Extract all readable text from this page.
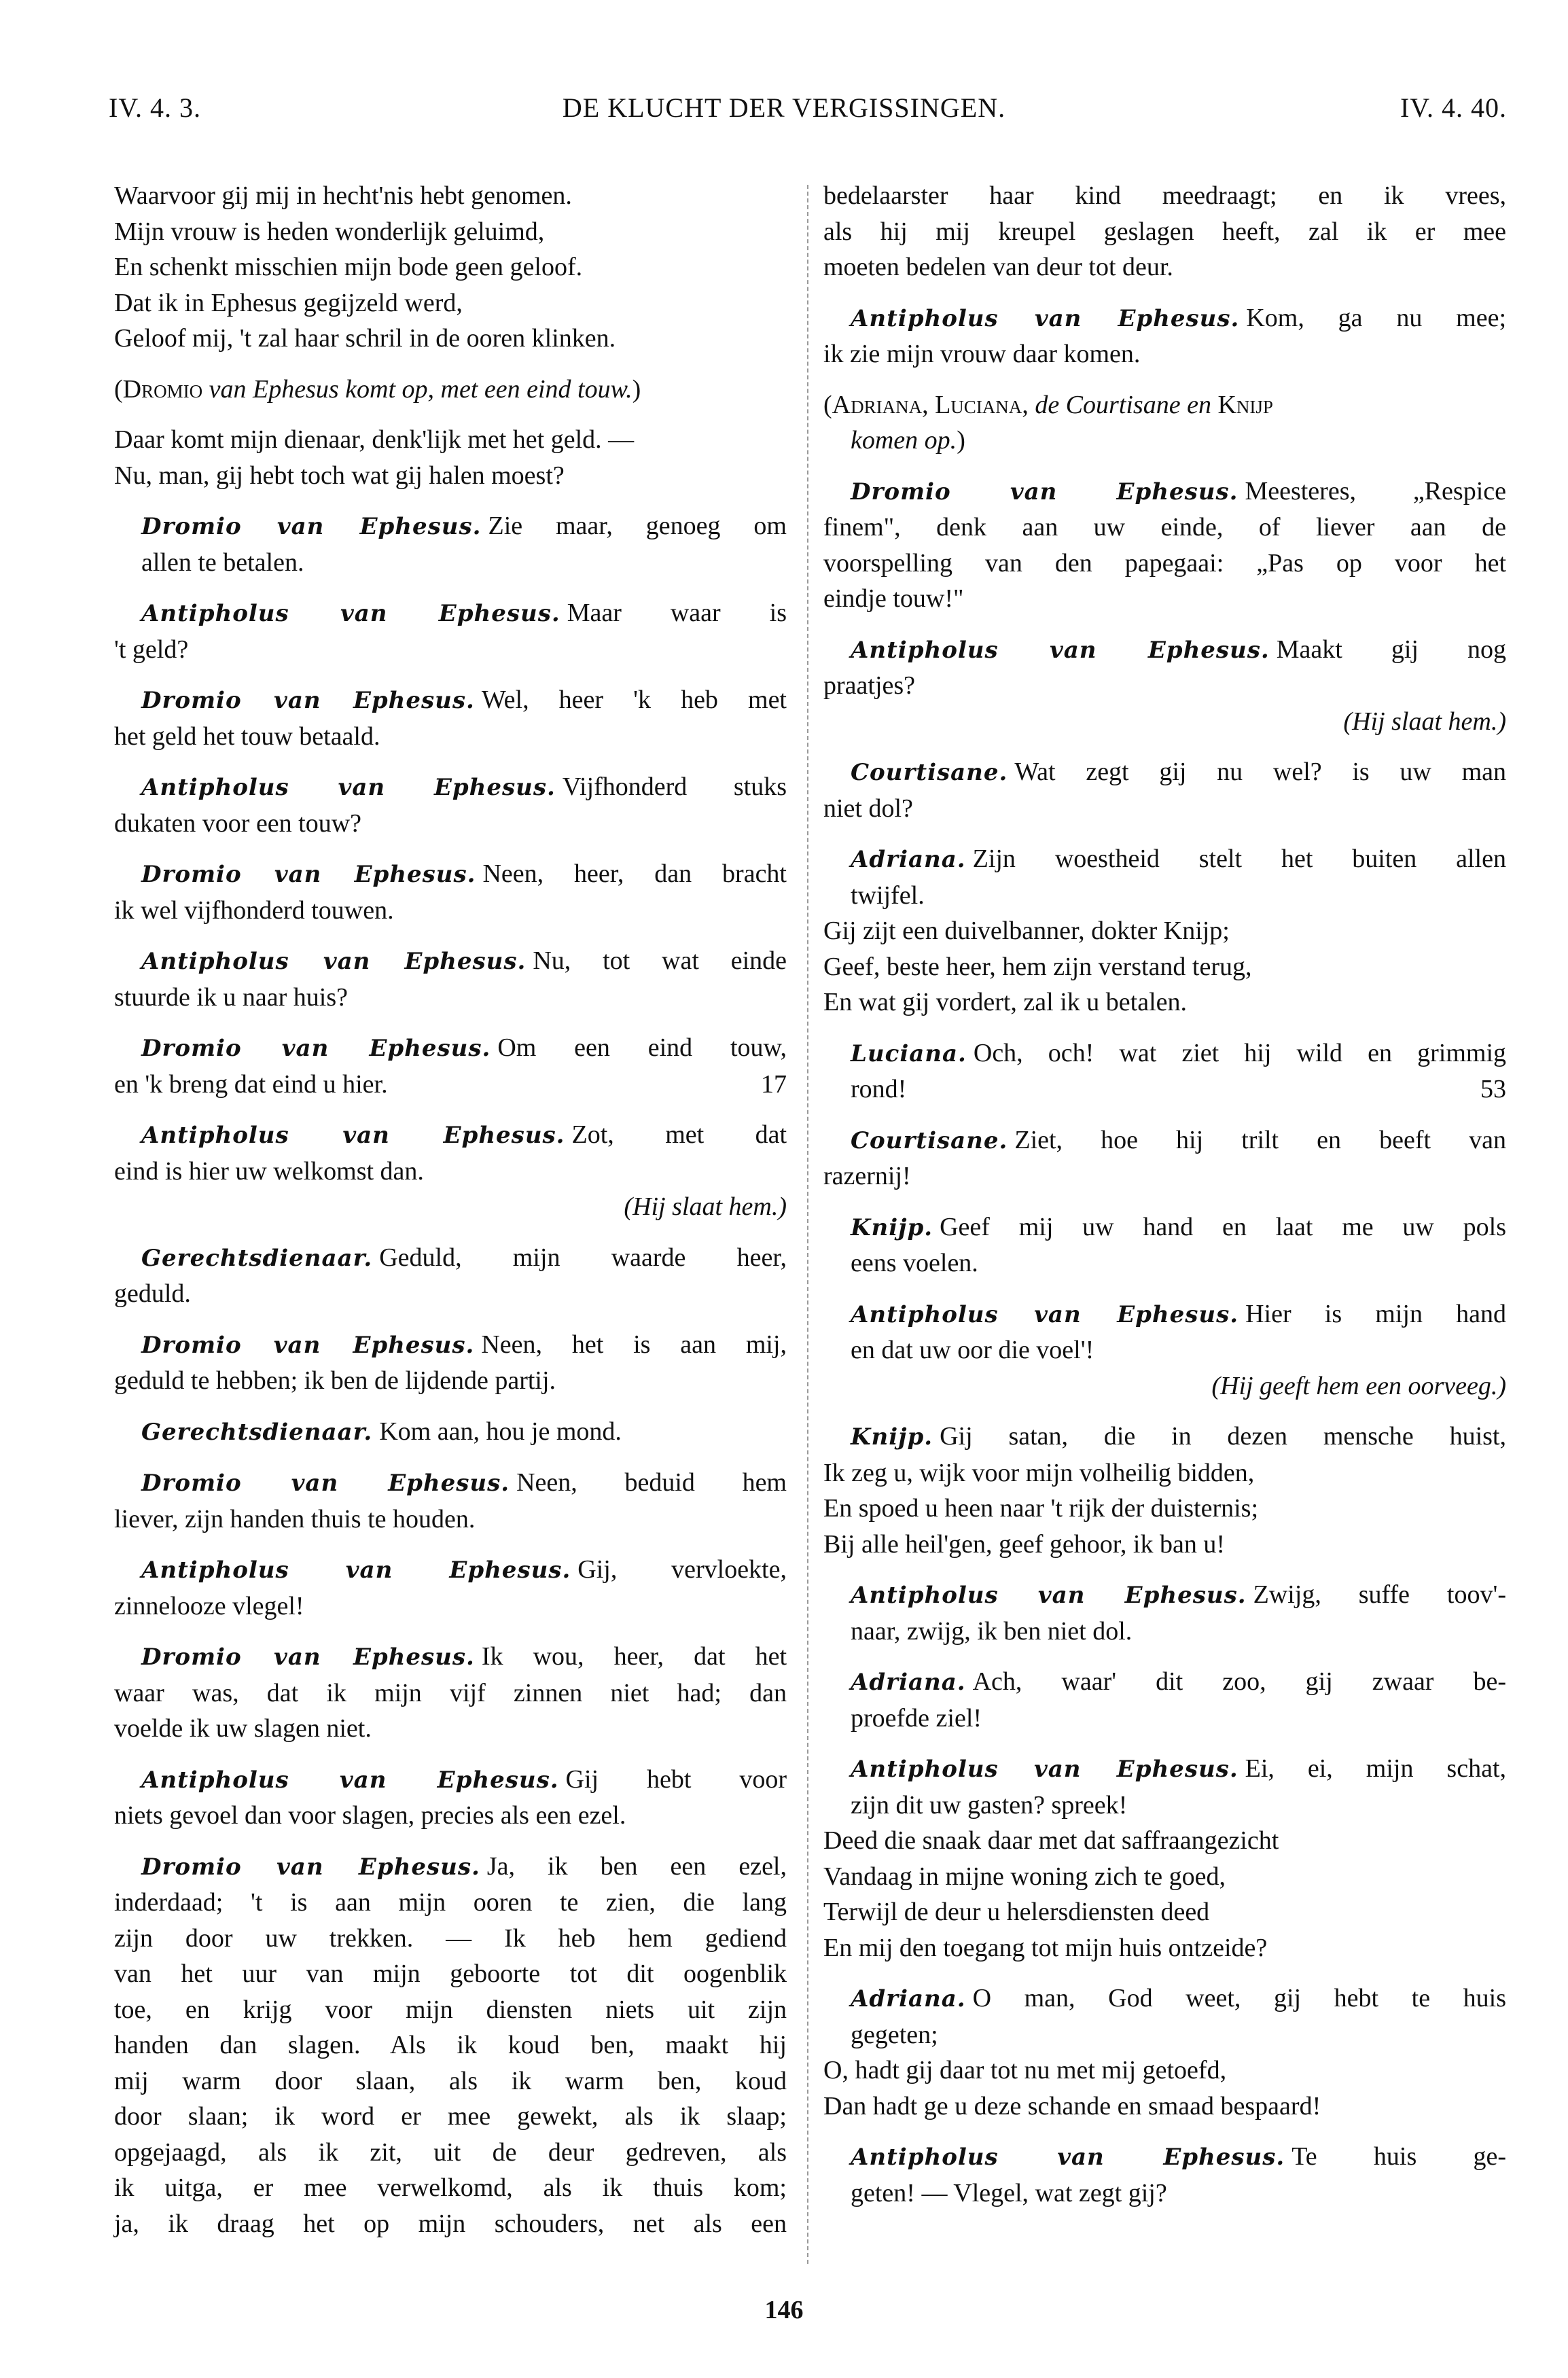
IV. 4. 3.	DE KLUCHT DER VERGISSINGEN.	IV. 4. 40.
Waarvoor gij mij in hecht'nis hebt genomen.
Mijn vrouw is heden wonderlijk geluimd,
En schenkt misschien mijn bode geen geloof.
Dat ik in Ephesus gegijzeld werd,
Geloof mij, 't zal haar schril in de ooren klinken.
(Dromio van Ephesus komt op, met een eind touw.)
Daar komt mijn dienaar, denk'lijk met het geld. —
Nu, man, gij hebt toch wat gij halen moest?
Dromio van Ephesus. Zie maar, genoeg om
allen te betalen.
Antipholus van Ephesus. Maar waar is
't geld?
Dromio van Ephesus. Wel, heer 'k heb met
het geld het touw betaald.
Antipholus van Ephesus. Vijfhonderd stuks
dukaten voor een touw?
Dromio van Ephesus. Neen, heer, dan bracht
ik wel vijfhonderd touwen.
Antipholus van Ephesus. Nu, tot wat einde
stuurde ik u naar huis?
Dromio van Ephesus. Om een eind touw,
17
en 'k breng dat eind u hier.
Antipholus van Ephesus. Zot, met dat
eind is hier uw welkomst dan.
(Hij slaat hem.)
Gerechtsdienaar. Geduld, mijn waarde heer,
geduld.
Dromio van Ephesus. Neen, het is aan mij,
geduld te hebben; ik ben de lijdende partij.
Gerechtsdienaar. Kom aan, hou je mond.
Dromio van Ephesus. Neen, beduid hem
liever, zijn handen thuis te houden.
Antipholus van Ephesus. Gij, vervloekte,
zinnelooze vlegel!
Dromio van Ephesus. Ik wou, heer, dat het
waar was, dat ik mijn vijf zinnen niet had; dan
voelde ik uw slagen niet.
Antipholus van Ephesus. Gij hebt voor
niets gevoel dan voor slagen, precies als een ezel.
Dromio van Ephesus. Ja, ik ben een ezel,
inderdaad; 't is aan mijn ooren te zien, die lang
zijn door uw trekken. — Ik heb hem gediend
van het uur van mijn geboorte tot dit oogenblik
toe, en krijg voor mijn diensten niets uit zijn
handen dan slagen. Als ik koud ben, maakt hij
mij warm door slaan, als ik warm ben, koud
door slaan; ik word er mee gewekt, als ik slaap;
opgejaagd, als ik zit, uit de deur gedreven, als
ik uitga, er mee verwelkomd, als ik thuis kom;
ja, ik draag het op mijn schouders, net als een
bedelaarster haar kind meedraagt; en ik vrees,
als hij mij kreupel geslagen heeft, zal ik er mee
moeten bedelen van deur tot deur.
Antipholus van Ephesus. Kom, ga nu mee;
ik zie mijn vrouw daar komen.
(Adriana, Luciana, de Courtisane en Knijp
komen op.)
Dromio van Ephesus. Meesteres, „Respice
finem", denk aan uw einde, of liever aan de
voorspelling van den papegaai: „Pas op voor het
eindje touw!"
Antipholus van Ephesus. Maakt gij nog
praatjes?
(Hij slaat hem.)
Courtisane. Wat zegt gij nu wel? is uw man
niet dol?
Adriana. Zijn woestheid stelt het buiten allen
twijfel.
Gij zijt een duivelbanner, dokter Knijp;
Geef, beste heer, hem zijn verstand terug,
En wat gij vordert, zal ik u betalen.
Luciana. Och, och! wat ziet hij wild en grimmig
53
rond!
Courtisane. Ziet, hoe hij trilt en beeft van
razernij!
Knijp. Geef mij uw hand en laat me uw pols
eens voelen.
Antipholus van Ephesus. Hier is mijn hand
en dat uw oor die voel'!
(Hij geeft hem een oorveeg.)
Knijp. Gij satan, die in dezen mensche huist,
Ik zeg u, wijk voor mijn volheilig bidden,
En spoed u heen naar 't rijk der duisternis;
Bij alle heil'gen, geef gehoor, ik ban u!
Antipholus van Ephesus. Zwijg, suffe toov'-
naar, zwijg, ik ben niet dol.
Adriana. Ach, waar' dit zoo, gij zwaar be-
proefde ziel!
Antipholus van Ephesus. Ei, ei, mijn schat,
zijn dit uw gasten? spreek!
Deed die snaak daar met dat saffraangezicht
Vandaag in mijne woning zich te goed,
Terwijl de deur u helersdiensten deed
En mij den toegang tot mijn huis ontzeide?
Adriana. O man, God weet, gij hebt te huis
gegeten;
O, hadt gij daar tot nu met mij getoefd,
Dan hadt ge u deze schande en smaad bespaard!
Antipholus van Ephesus. Te huis ge-
geten! — Vlegel, wat zegt gij?
146
